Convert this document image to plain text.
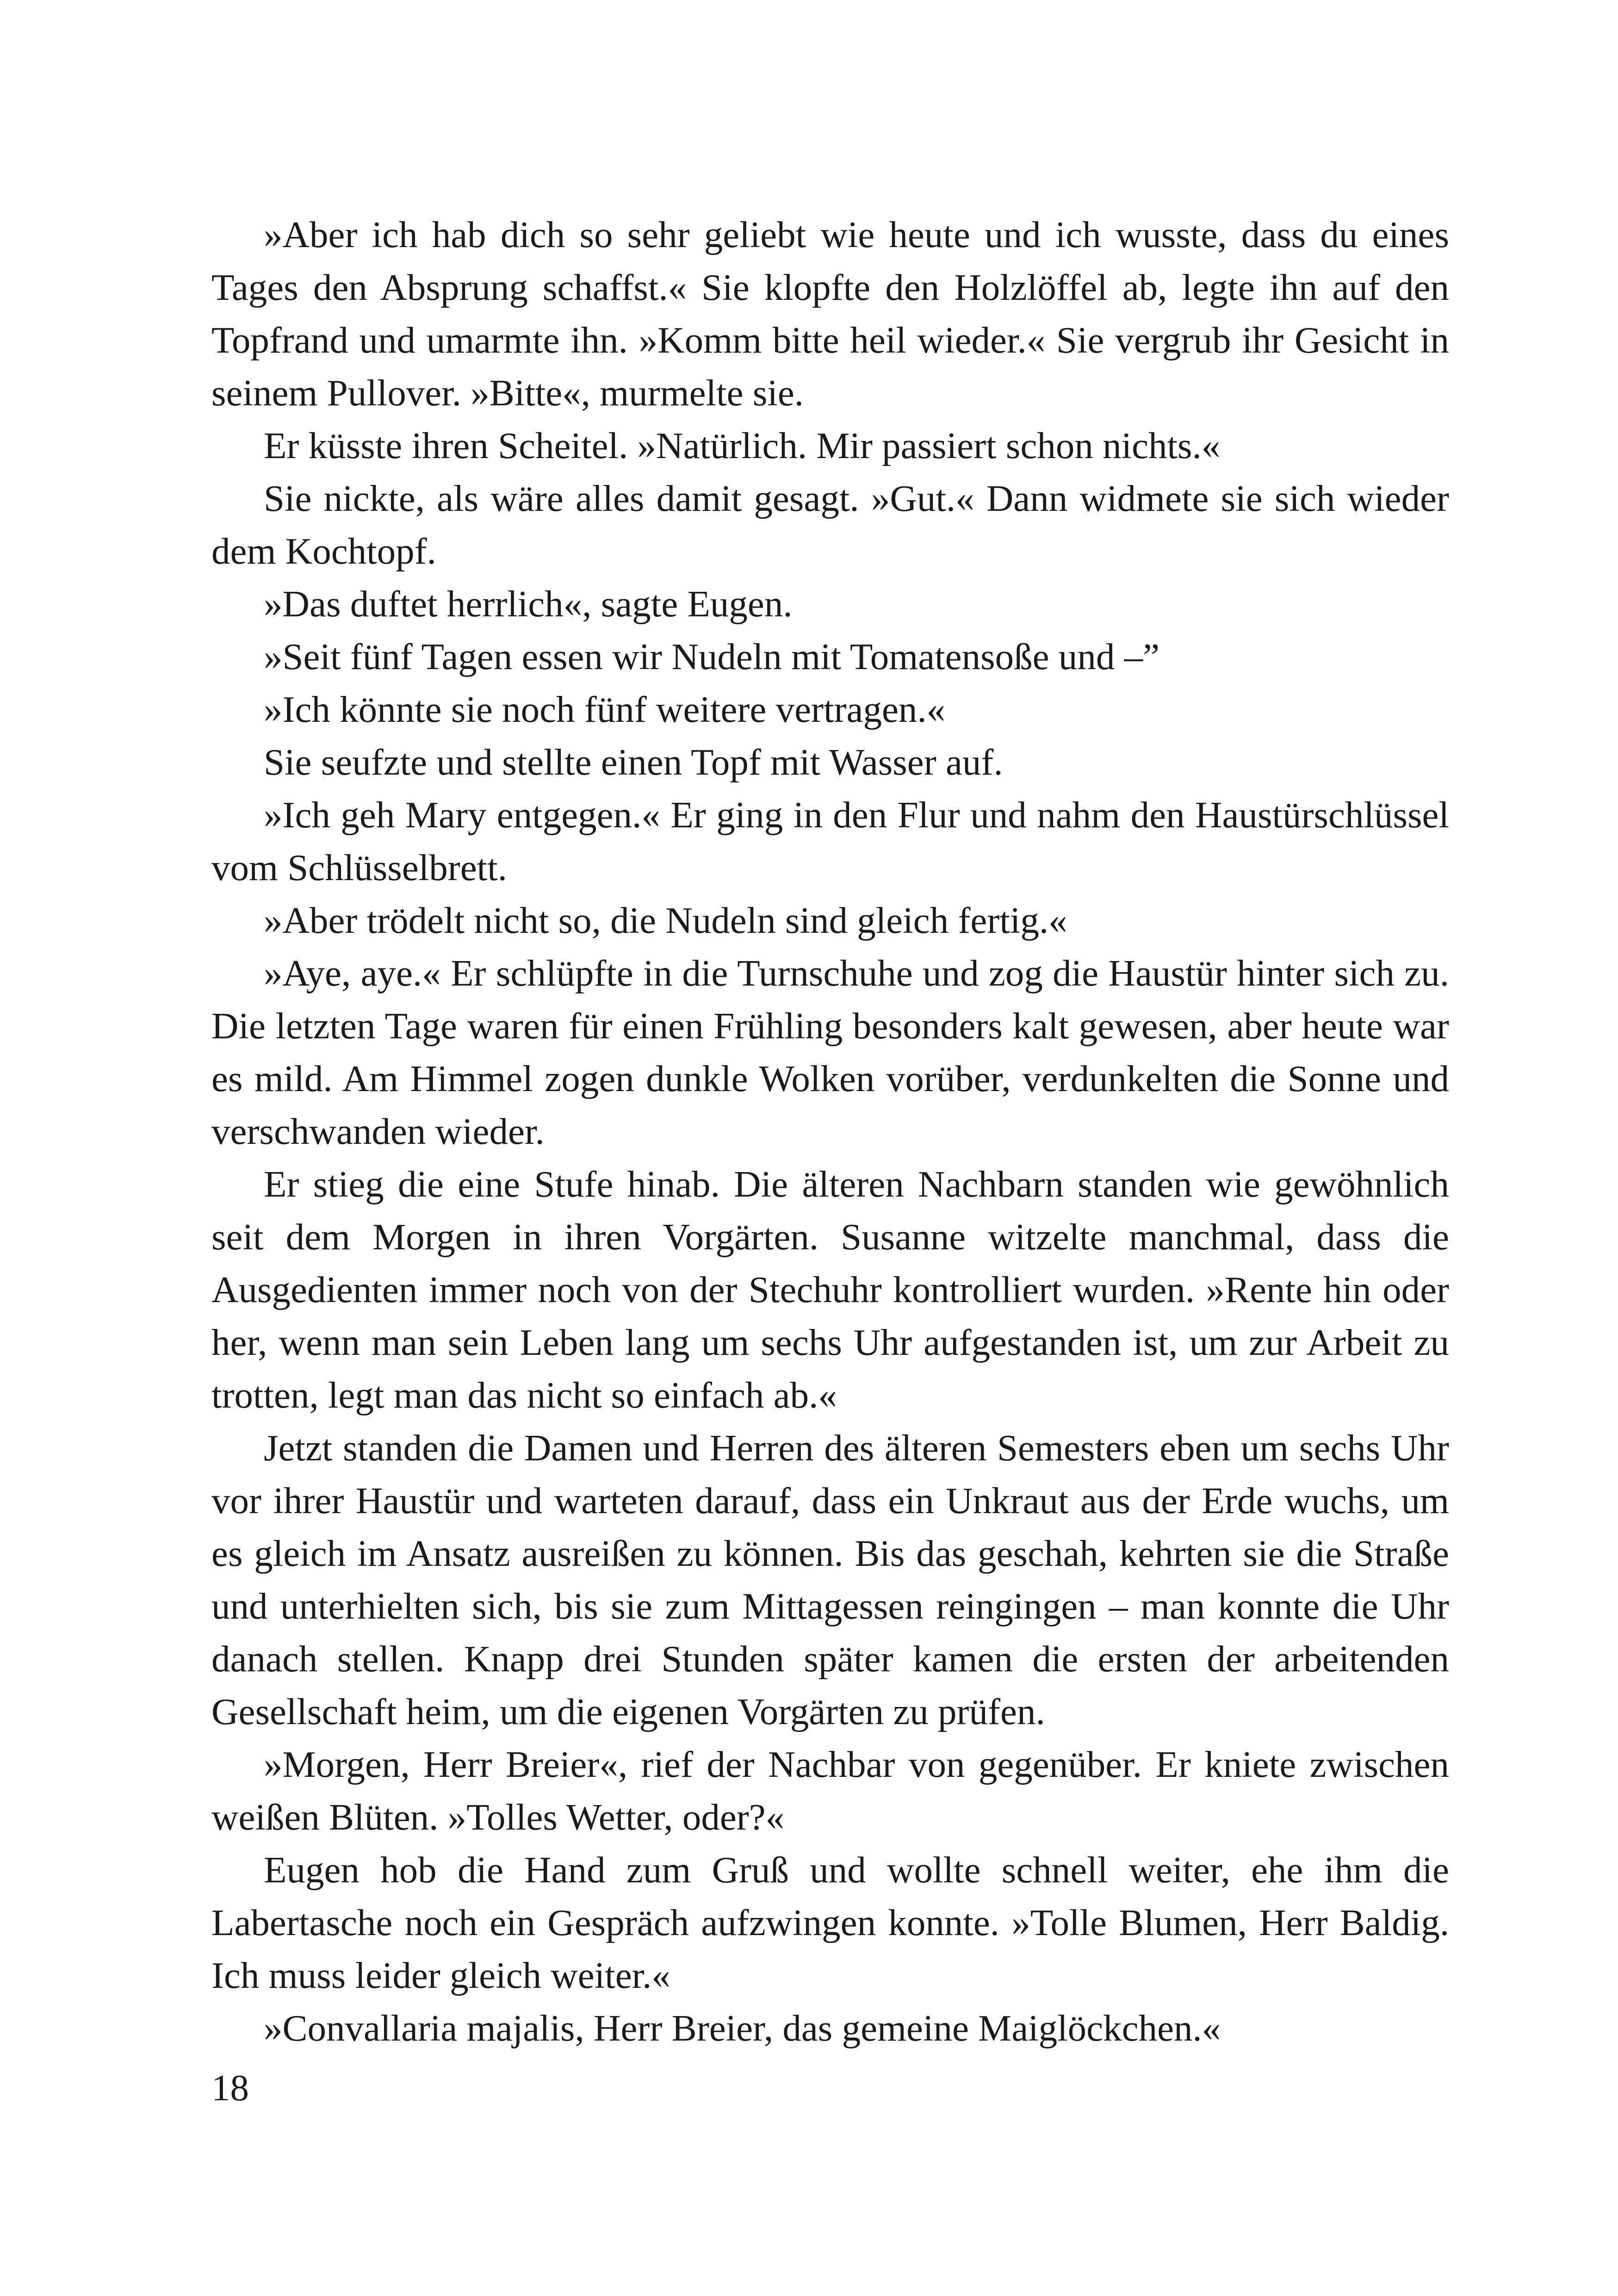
»Aber ich hab dich so sehr geliebt wie heute und ich wusste, dass du eines Tages den Absprung schaffst.« Sie klopfte den Holzlöffel ab, legte ihn auf den Topfrand und umarmte ihn. »Komm bitte heil wieder.« Sie vergrub ihr Gesicht in seinem Pullover. »Bitte«, murmelte sie.

Er küsste ihren Scheitel. »Natürlich. Mir passiert schon nichts.«

Sie nickte, als wäre alles damit gesagt. »Gut.« Dann widmete sie sich wieder dem Kochtopf.

»Das duftet herrlich«, sagte Eugen.

»Seit fünf Tagen essen wir Nudeln mit Tomatensoße und –”

»Ich könnte sie noch fünf weitere vertragen.«

Sie seufzte und stellte einen Topf mit Wasser auf.

»Ich geh Mary entgegen.« Er ging in den Flur und nahm den Haustürschlüssel vom Schlüsselbrett.

»Aber trödelt nicht so, die Nudeln sind gleich fertig.«

»Aye, aye.« Er schlüpfte in die Turnschuhe und zog die Haustür hinter sich zu. Die letzten Tage waren für einen Frühling besonders kalt gewesen, aber heute war es mild. Am Himmel zogen dunkle Wolken vorüber, verdunkelten die Sonne und verschwanden wieder.

Er stieg die eine Stufe hinab. Die älteren Nachbarn standen wie gewöhnlich seit dem Morgen in ihren Vorgärten. Susanne witzelte manchmal, dass die Ausgedienten immer noch von der Stechuhr kontrolliert wurden. »Rente hin oder her, wenn man sein Leben lang um sechs Uhr aufgestanden ist, um zur Arbeit zu trotten, legt man das nicht so einfach ab.«

Jetzt standen die Damen und Herren des älteren Semesters eben um sechs Uhr vor ihrer Haustür und warteten darauf, dass ein Unkraut aus der Erde wuchs, um es gleich im Ansatz ausreißen zu können. Bis das geschah, kehrten sie die Straße und unterhielten sich, bis sie zum Mittagessen reingingen – man konnte die Uhr danach stellen. Knapp drei Stunden später kamen die ersten der arbeitenden Gesellschaft heim, um die eigenen Vorgärten zu prüfen.

»Morgen, Herr Breier«, rief der Nachbar von gegenüber. Er kniete zwischen weißen Blüten. »Tolles Wetter, oder?«

Eugen hob die Hand zum Gruß und wollte schnell weiter, ehe ihm die Labertasche noch ein Gespräch aufzwingen konnte. »Tolle Blumen, Herr Baldig. Ich muss leider gleich weiter.«

»Convallaria majalis, Herr Breier, das gemeine Maiglöckchen.«

18
